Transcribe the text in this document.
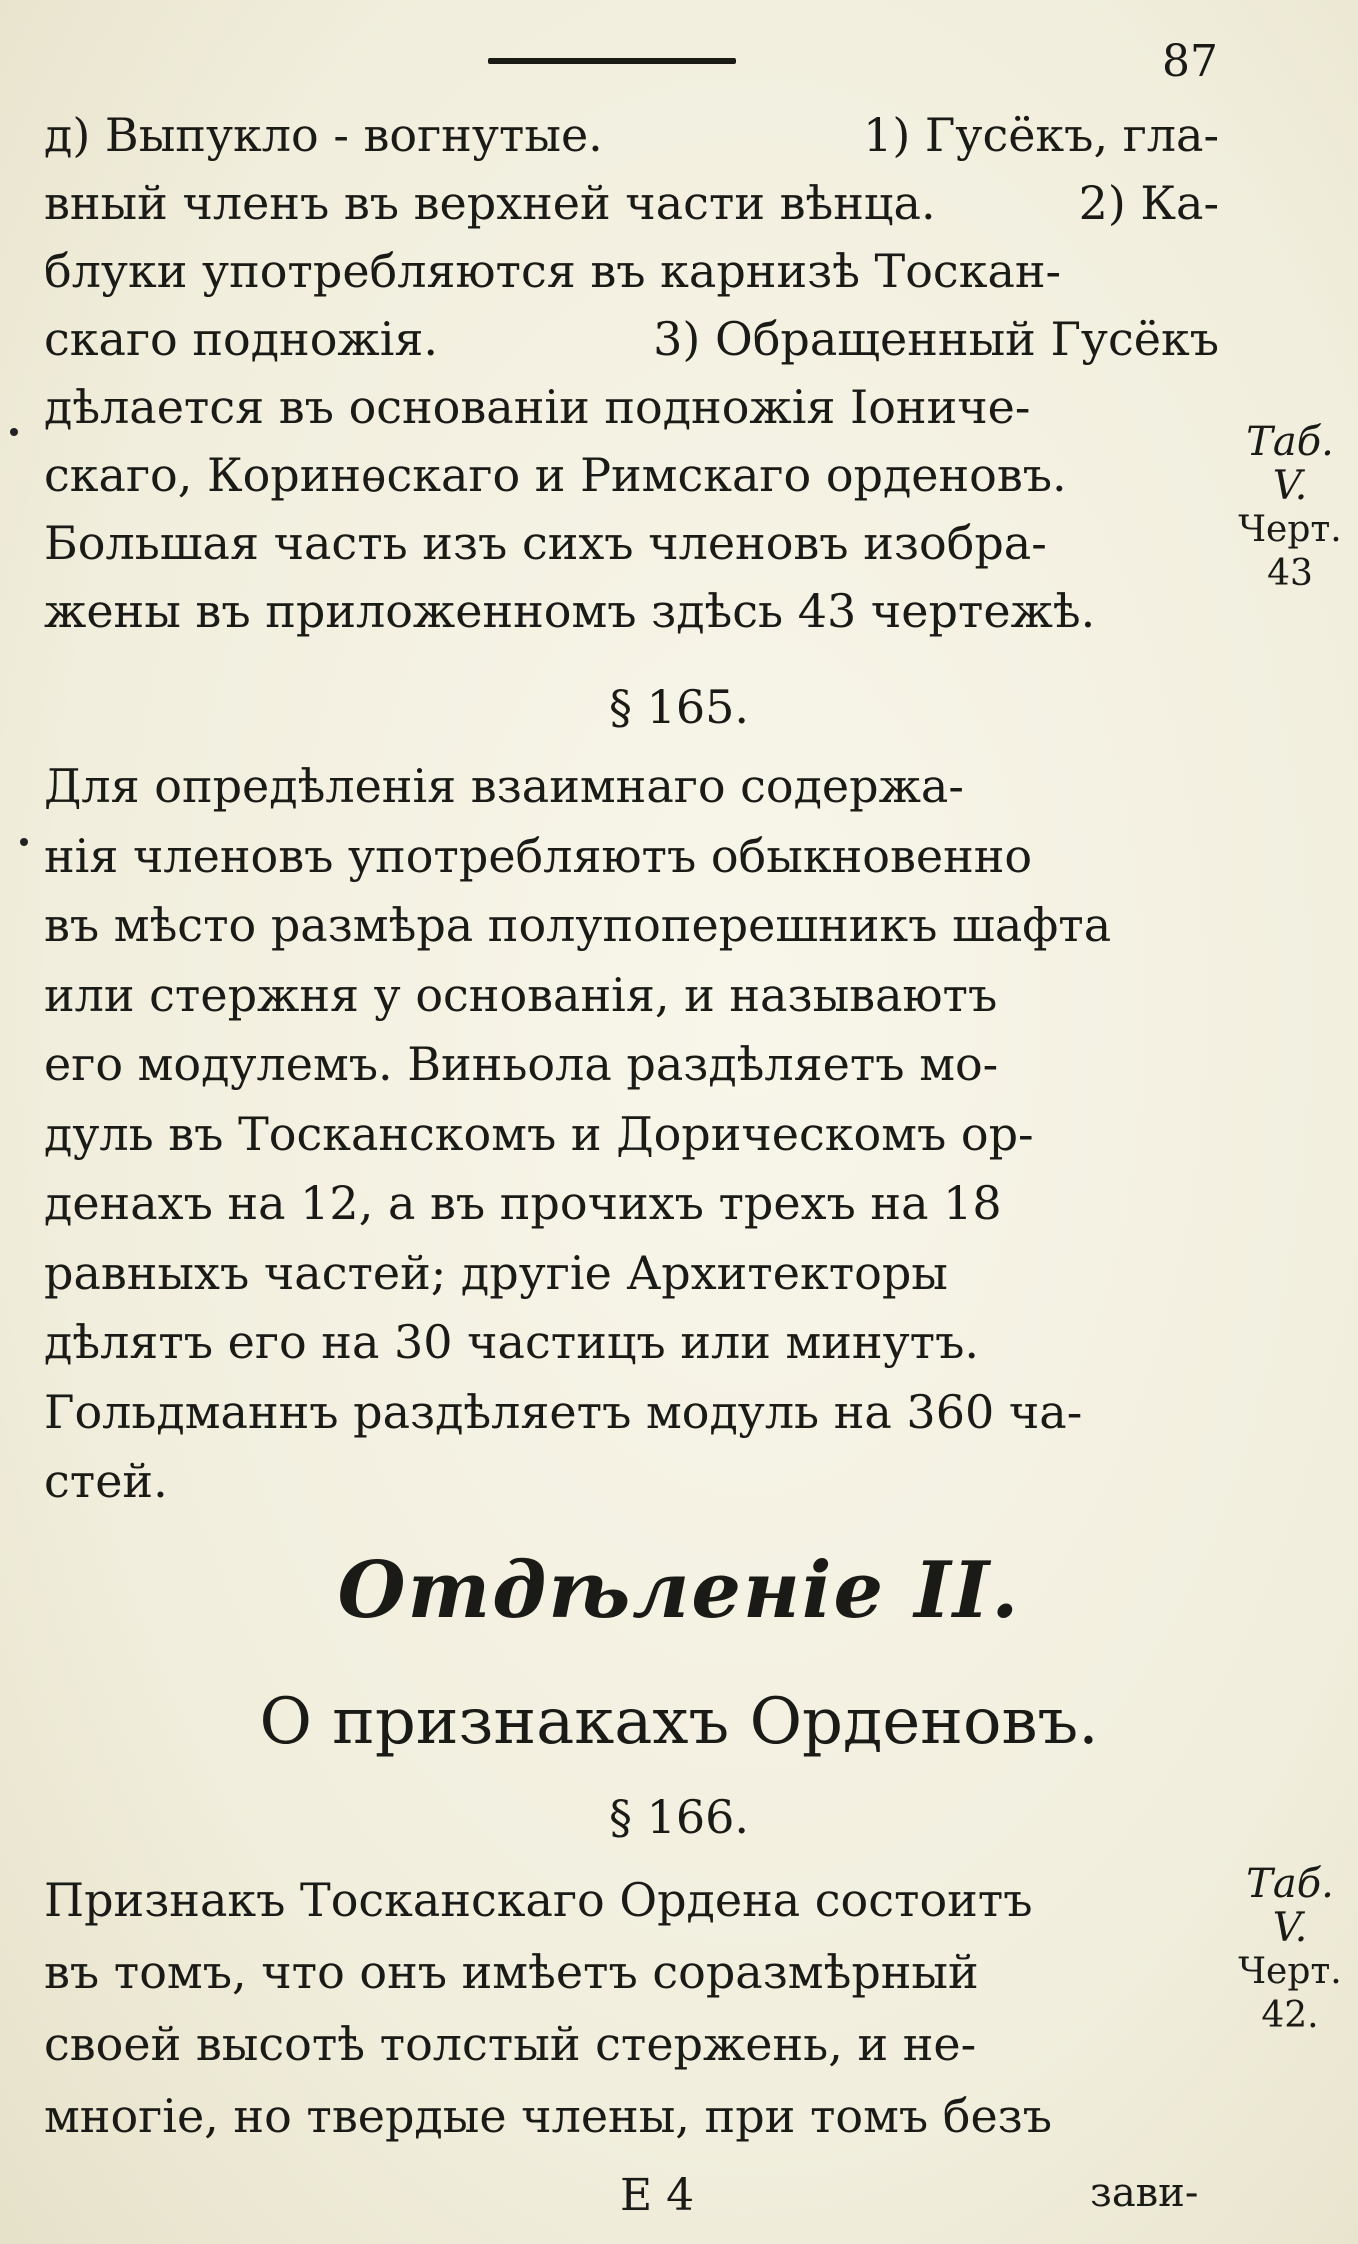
87
д) Выпукло - вогнутые.	1) Гусёкъ, гла-
вный членъ въ верхней части вѣнца.	2) Ка-
блуки употребляются въ карнизѣ Тоскан-
скаго подножія.	3) Обращенный Гусёкъ
дѣлается въ основаніи подножія Іониче-
скаго, Коринѳскаго и Римскаго орденовъ.
Большая часть изъ сихъ членовъ изобра-
жены въ приложенномъ здѣсь 43 чертежѣ.
Таб.
V.
Черт.
43
§ 165.
Для опредѣленія взаимнаго содержа-
нія членовъ употребляютъ обыкновенно
въ мѣсто размѣра полупоперешникъ шафта
или стержня у основанія, и называютъ
его модулемъ. Виньола раздѣляетъ мо-
дуль въ Тосканскомъ и Дорическомъ ор-
денахъ на 12, а въ прочихъ трехъ на 18
равныхъ частей; другіе Архитекторы
дѣлятъ его на 30 частицъ или минутъ.
Гольдманнъ раздѣляетъ модуль на 360 ча-
стей.
Отдѣленіе II.
О признакахъ Орденовъ.
§ 166.
Признакъ Тосканскаго Ордена состоитъ
въ томъ, что онъ имѣетъ соразмѣрный
своей высотѣ толстый стержень, и не-
многіе, но твердые члены, при томъ безъ
Таб.
V.
Черт.
42.
Е 4	зави-
